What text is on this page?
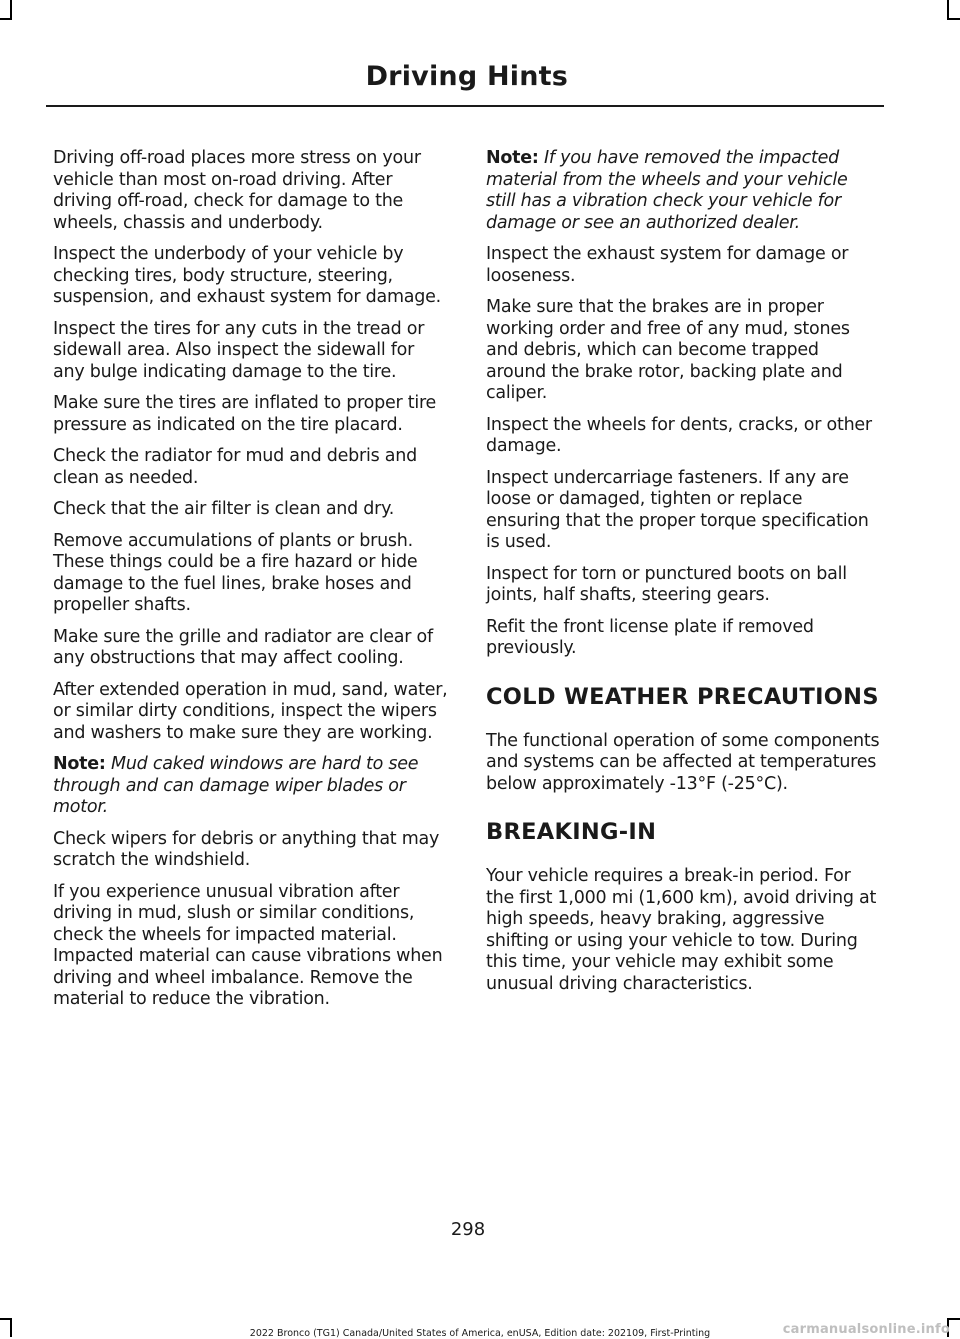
Driving Hints

Driving off-road places more stress on your vehicle than most on-road driving. After driving off-road, check for damage to the wheels, chassis and underbody.

Inspect the underbody of your vehicle by checking tires, body structure, steering, suspension, and exhaust system for damage.

Inspect the tires for any cuts in the tread or sidewall area. Also inspect the sidewall for any bulge indicating damage to the tire.

Make sure the tires are inflated to proper tire pressure as indicated on the tire placard.

Check the radiator for mud and debris and clean as needed.

Check that the air filter is clean and dry.

Remove accumulations of plants or brush. These things could be a fire hazard or hide damage to the fuel lines, brake hoses and propeller shafts.

Make sure the grille and radiator are clear of any obstructions that may affect cooling.

After extended operation in mud, sand, water, or similar dirty conditions, inspect the wipers and washers to make sure they are working.

Note: Mud caked windows are hard to see through and can damage wiper blades or motor.

Check wipers for debris or anything that may scratch the windshield.

If you experience unusual vibration after driving in mud, slush or similar conditions, check the wheels for impacted material. Impacted material can cause vibrations when driving and wheel imbalance. Remove the material to reduce the vibration.

Note: If you have removed the impacted material from the wheels and your vehicle still has a vibration check your vehicle for damage or see an authorized dealer.

Inspect the exhaust system for damage or looseness.

Make sure that the brakes are in proper working order and free of any mud, stones and debris, which can become trapped around the brake rotor, backing plate and caliper.

Inspect the wheels for dents, cracks, or other damage.

Inspect undercarriage fasteners. If any are loose or damaged, tighten or replace ensuring that the proper torque specification is used.

Inspect for torn or punctured boots on ball joints, half shafts, steering gears.

Refit the front license plate if removed previously.

COLD WEATHER PRECAUTIONS

The functional operation of some components and systems can be affected at temperatures below approximately -13°F (-25°C).

BREAKING-IN

Your vehicle requires a break-in period. For the first 1,000 mi (1,600 km), avoid driving at high speeds, heavy braking, aggressive shifting or using your vehicle to tow. During this time, your vehicle may exhibit some unusual driving characteristics.

298
2022 Bronco (TG1) Canada/United States of America, enUSA, Edition date: 202109, First-Printing	carmanualsonline.info
